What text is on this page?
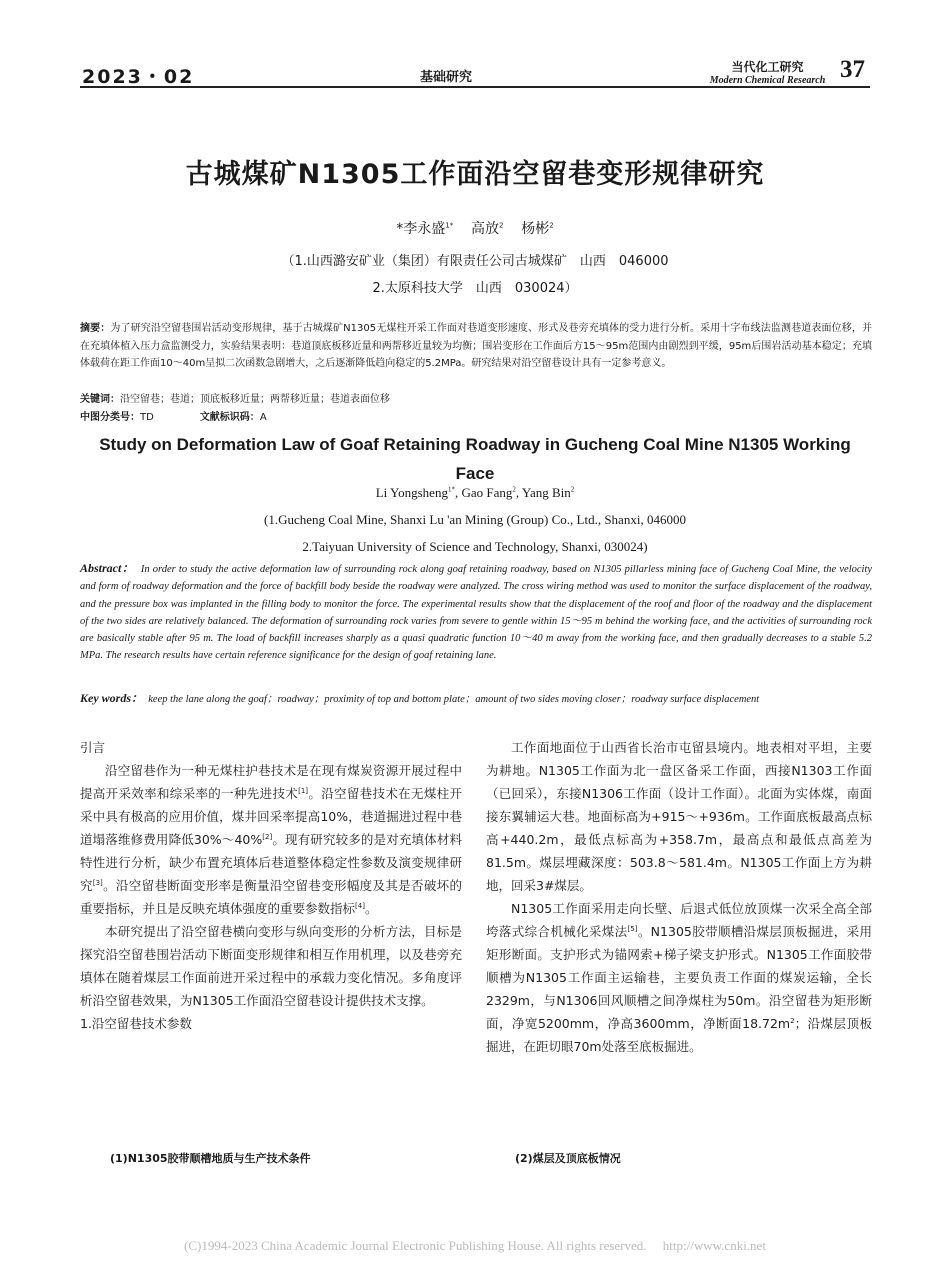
2023・02	基础研究
当代化工研究
Modern Chemical Research 37
古城煤矿N1305工作面沿空留巷变形规律研究
*李永盛$^{1*}$ 高放$^2$ 杨彬$^2$
（1.山西潞安矿业（集团）有限责任公司古城煤矿　山西　046000
2.太原科技大学　山西　030024）
摘要：为了研究沿空留巷围岩活动变形规律，基于古城煤矿N1305无煤柱开采工作面对巷道变形速度、形式及巷旁充填体的受力进行分析。采用十字布线法监测巷道表面位移，并在充填体植入压力盒监测受力，实验结果表明：巷道顶底板移近量和两帮移近量较为均衡；围岩变形在工作面后方15～95m范围内由剧烈到平缓，95m后围岩活动基本稳定；充填体载荷在距工作面10～40m呈拟二次函数急剧增大，之后逐渐降低趋向稳定的5.2MPa。研究结果对沿空留巷设计具有一定参考意义。
关键词：沿空留巷；巷道；顶底板移近量；两帮移近量；巷道表面位移
中图分类号：TD	文献标识码：A
Study on Deformation Law of Goaf Retaining Roadway in Gucheng Coal Mine N1305 Working Face
Li Yongsheng$^{1*}$, Gao Fang$^2$, Yang Bin$^2$
(1.Gucheng Coal Mine, Shanxi Lu 'an Mining (Group) Co., Ltd., Shanxi, 046000
2.Taiyuan University of Science and Technology, Shanxi, 030024)
Abstract： In order to study the active deformation law of surrounding rock along goaf retaining roadway, based on N1305 pillarless mining face of Gucheng Coal Mine, the velocity and form of roadway deformation and the force of backfill body beside the roadway were analyzed. The cross wiring method was used to monitor the surface displacement of the roadway, and the pressure box was implanted in the filling body to monitor the force. The experimental results show that the displacement of the roof and floor of the roadway and the displacement of the two sides are relatively balanced. The deformation of surrounding rock varies from severe to gentle within 15～95 m behind the working face, and the activities of surrounding rock are basically stable after 95 m. The load of backfill increases sharply as a quasi quadratic function 10～40 m away from the working face, and then gradually decreases to a stable 5.2 MPa. The research results have certain reference significance for the design of goaf retaining lane.
Key words： keep the lane along the goaf；roadway；proximity of top and bottom plate；amount of two sides moving closer；roadway surface displacement
引言

沿空留巷作为一种无煤柱护巷技术是在现有煤炭资源开展过程中提高开采效率和综采率的一种先进技术[1]。沿空留巷技术在无煤柱开采中具有极高的应用价值，煤井回采率提高10%，巷道掘进过程中巷道塌落维修费用降低30%～40%[2]。现有研究较多的是对充填体材料特性进行分析，缺少布置充填体后巷道整体稳定性参数及演变规律研究[3]。沿空留巷断面变形率是衡量沿空留巷变形幅度及其是否破坏的重要指标，并且是反映充填体强度的重要参数指标[4]。

本研究提出了沿空留巷横向变形与纵向变形的分析方法，目标是探究沿空留巷围岩活动下断面变形规律和相互作用机理，以及巷旁充填体在随着煤层工作面前进开采过程中的承载力变化情况。多角度评析沿空留巷效果，为N1305工作面沿空留巷设计提供技术支撑。

1.沿空留巷技术参数
(1)N1305胶带顺槽地质与生产技术条件

工作面地面位于山西省长治市屯留县境内。地表相对平坦，主要为耕地。N1305工作面为北一盘区备采工作面，西接N1303工作面（已回采），东接N1306工作面（设计工作面）。北面为实体煤，南面接东翼辅运大巷。地面标高为+915～+936m。工作面底板最高点标高+440.2m，最低点标高为+358.7m，最高点和最低点高差为81.5m。煤层埋藏深度：503.8～581.4m。N1305工作面上方为耕地，回采3#煤层。

N1305工作面采用走向长壁、后退式低位放顶煤一次采全高全部垮落式综合机械化采煤法[5]。N1305胶带顺槽沿煤层顶板掘进，采用矩形断面。支护形式为锚网索+梯子梁支护形式。N1305工作面胶带顺槽为N1305工作面主运输巷，主要负责工作面的煤炭运输，全长2329m，与N1306回风顺槽之间净煤柱为50m。沿空留巷为矩形断面，净宽5200mm，净高3600mm，净断面$18.72m^2$；沿煤层顶板掘进，在距切眼70m处落至底板掘进。

(2)煤层及顶底板情况
(C)1994-2023 China Academic Journal Electronic Publishing House. All rights reserved.　 http://www.cnki.net
